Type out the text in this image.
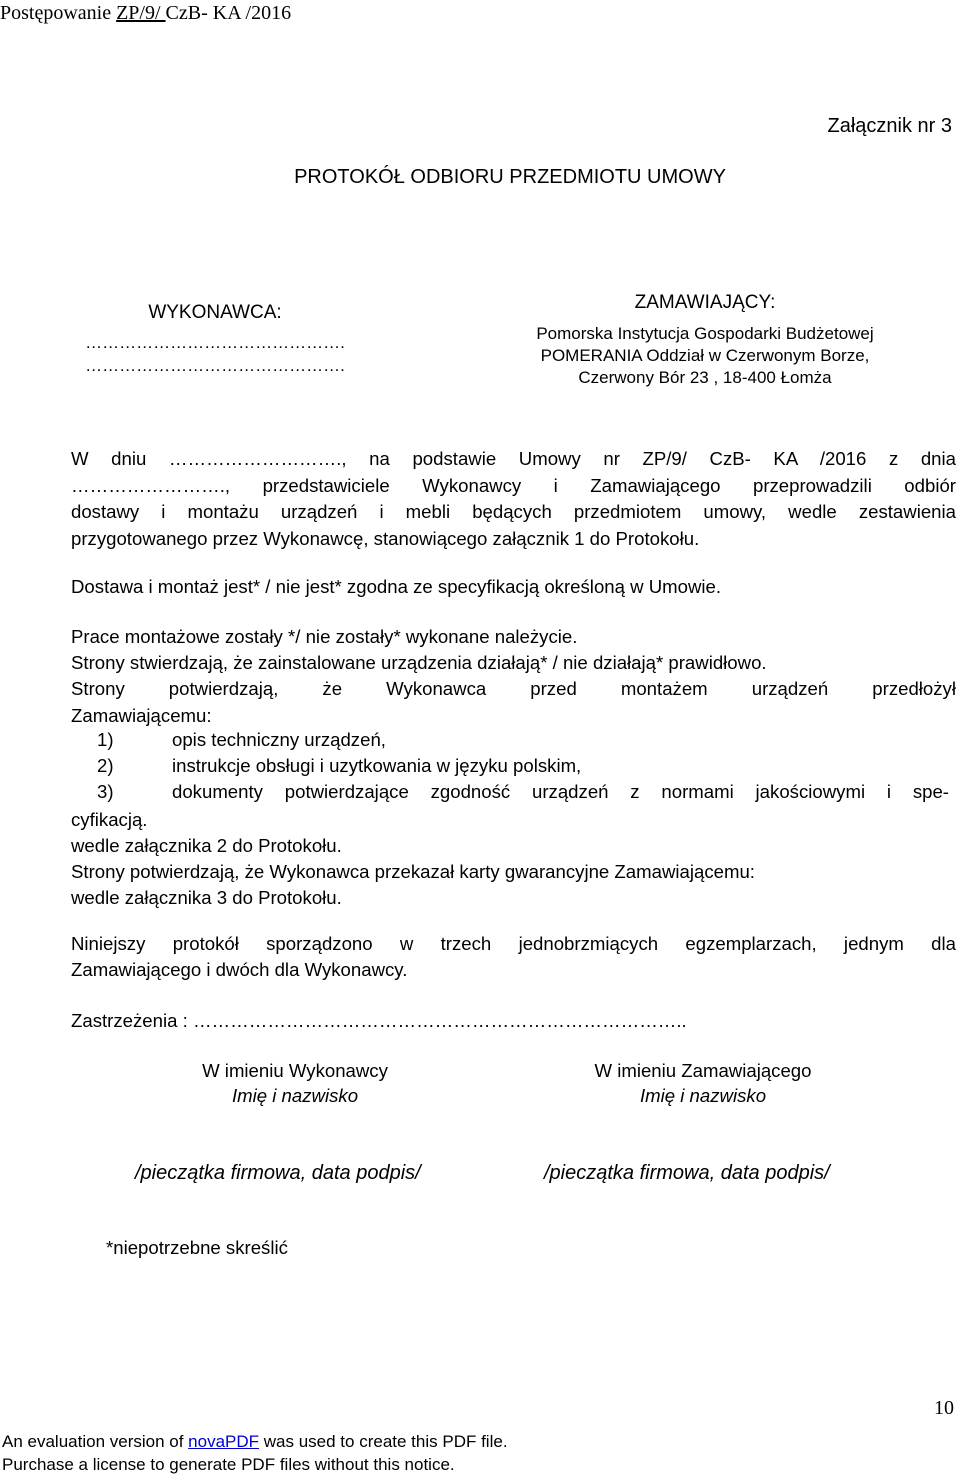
Postępowanie ZP/9/ CzB- KA /2016
Załącznik nr 3
PROTOKÓŁ ODBIORU PRZEDMIOTU UMOWY
WYKONAWCA:
……………………………………….
……………………………………….
ZAMAWIAJĄCY:
Pomorska Instytucja Gospodarki Budżetowej
POMERANIA Oddział w Czerwonym Borze,
Czerwony Bór 23 , 18-400 Łomża
W dniu ………………………., na podstawie Umowy nr ZP/9/ CzB- KA /2016 z dnia
……………………., przedstawiciele Wykonawcy i Zamawiającego przeprowadzili odbiór
dostawy i montażu urządzeń i mebli będących przedmiotem umowy, wedle zestawienia
przygotowanego przez Wykonawcę, stanowiącego załącznik 1 do Protokołu.
Dostawa i montaż jest* / nie jest* zgodna ze specyfikacją określoną w Umowie.
Prace montażowe zostały */ nie zostały* wykonane należycie.
Strony stwierdzają, że zainstalowane urządzenia działają* / nie działają* prawidłowo.
Strony potwierdzają, że Wykonawca przed montażem urządzeń przedłożył
Zamawiającemu:
1)	opis techniczny urządzeń,
2)	instrukcje obsługi i uzytkowania w języku polskim,
3)	dokumenty potwierdzające zgodność urządzeń z normami jakościowymi i spe-
cyfikacją.
wedle załącznika 2 do Protokołu.
Strony potwierdzają, że Wykonawca przekazał karty gwarancyjne Zamawiającemu:
wedle załącznika 3 do Protokołu.
Niniejszy protokół sporządzono w trzech jednobrzmiących egzemplarzach, jednym dla
Zamawiającego i dwóch dla Wykonawcy.
Zastrzeżenia : ……………………………………………………………………..
W imieniu Wykonawcy
Imię i nazwisko
W imieniu Zamawiającego
Imię i nazwisko
/pieczątka firmowa, data podpis/	/pieczątka firmowa, data podpis/
*niepotrzebne skreślić
10
An evaluation version of novaPDF was used to create this PDF file.
Purchase a license to generate PDF files without this notice.
